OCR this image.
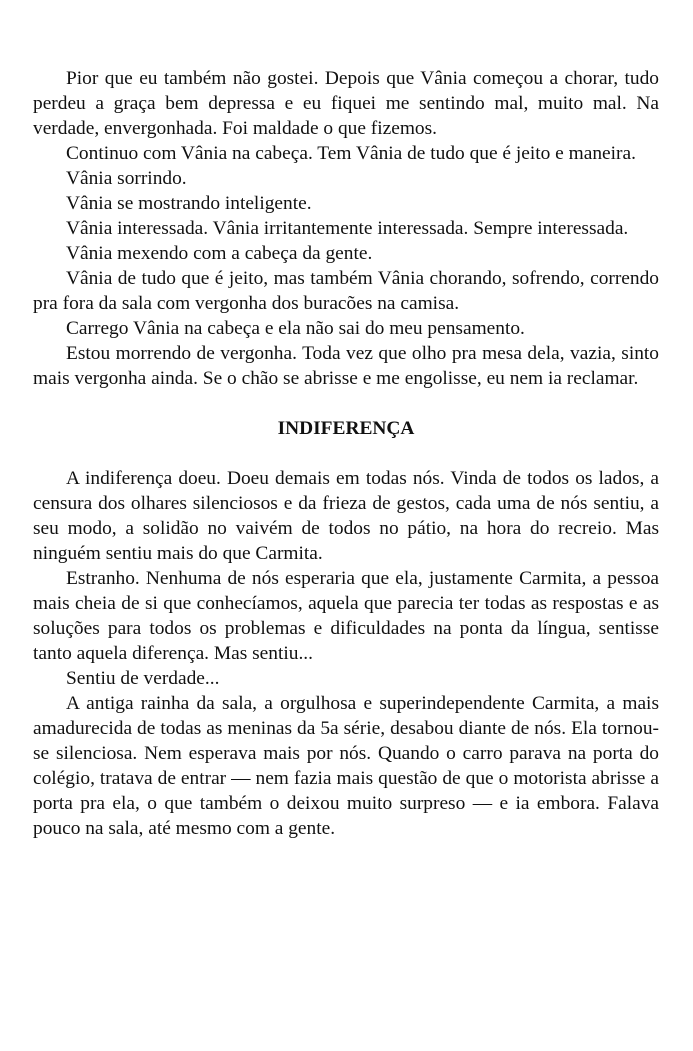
Pior que eu também não gostei. Depois que Vânia começou a chorar, tudo perdeu a graça bem depressa e eu fiquei me sentindo mal, muito mal. Na verdade, envergonhada. Foi maldade o que fizemos.

Continuo com Vânia na cabeça. Tem Vânia de tudo que é jeito e maneira.

Vânia sorrindo.

Vânia se mostrando inteligente.

Vânia interessada. Vânia irritantemente interessada. Sempre interessada.

Vânia mexendo com a cabeça da gente.

Vânia de tudo que é jeito, mas também Vânia chorando, sofrendo, correndo pra fora da sala com vergonha dos buracões na camisa.

Carrego Vânia na cabeça e ela não sai do meu pensamento.

Estou morrendo de vergonha. Toda vez que olho pra mesa dela, vazia, sinto mais vergonha ainda. Se o chão se abrisse e me engolisse, eu nem ia reclamar.

INDIFERENÇA

A indiferença doeu. Doeu demais em todas nós. Vinda de todos os lados, a censura dos olhares silenciosos e da frieza de gestos, cada uma de nós sentiu, a seu modo, a solidão no vaivém de todos no pátio, na hora do recreio. Mas ninguém sentiu mais do que Carmita.

Estranho. Nenhuma de nós esperaria que ela, justamente Carmita, a pessoa mais cheia de si que conhecíamos, aquela que parecia ter todas as respostas e as soluções para todos os problemas e dificuldades na ponta da língua, sentisse tanto aquela diferença. Mas sentiu...

Sentiu de verdade...

A antiga rainha da sala, a orgulhosa e superindependente Carmita, a mais amadurecida de todas as meninas da 5a série, desabou diante de nós. Ela tornou-se silenciosa. Nem esperava mais por nós. Quando o carro parava na porta do colégio, tratava de entrar — nem fazia mais questão de que o motorista abrisse a porta pra ela, o que também o deixou muito surpreso — e ia embora. Falava pouco na sala, até mesmo com a gente.
